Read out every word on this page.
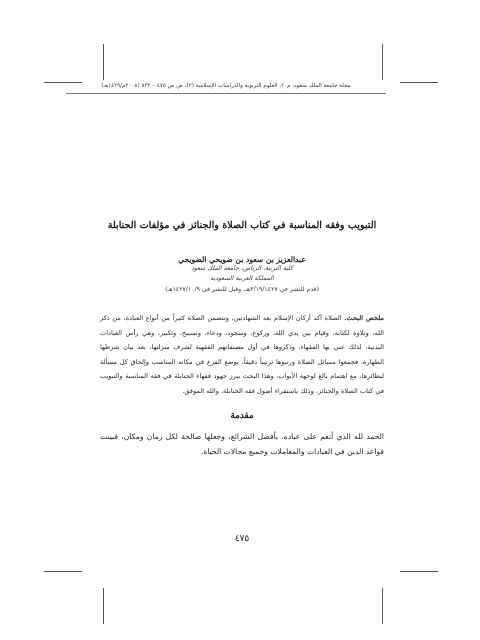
مجلة جامعة الملك سعود، م٢٠، العلوم التربوية والدراسات الإسلامية (٢)، ص ص ٤٧٥ – ٥٣٢ (٢٠٠٨م/١٤٢٩هـ)
التبويب وفقه المناسبة في كتاب الصلاة والجنائز في مؤلفات الحنابلة
عبدالعزيز بن سعود بن ضويحي الضويحي
كلية التربية، الرياض، جامعة الملك سعود
المملكة العربية السعودية
(قدم للنشر في ٣/١٩/١٤٢٧هـ، وقبل للنشر في ١٤٢٧/١٠/٩هـ)
ملخص البحث. الصلاة آكد أركان الإسلام بعد الشهادتين، وتتضمن الصلاة كثيراً من أنواع العبادة، من ذكر الله، وتلاوة لكتابه، وقيام بين يدي الله، وركوع، وسجود، ودعاء، وتسبيح، وتكبير، وهي رأس العبادات البدنية، لذلك عني بها الفقهاء، وذكروها في أول مصنفاتهم الفقهية لشرف منزلتها، بعد بيان شرطها الطهارة، فجمعوا مسائل الصلاة ورتبوها ترتيباً دقيقاً، بوضع الفرع في مكانه المناسب وإلحاق كل مسألة لنظائرها، مع اهتمام بالغ لوجهة الأبواب، وهذا البحث يبرز جهود فقهاء الحنابلة في فقه المناسبة والتبويب في كتاب الصلاة والجنائز، وذلك باستقراء أصول فقه الحنابلة، والله الموفق.
مقدمة
الحمد لله الذي أنعم على عباده، بأفضل الشرائع، وجعلها صالحة لكل زمان ومكان، فبينت قواعد الدين في العبادات والمعاملات وجميع مجالات الحياة.
٤٧٥
